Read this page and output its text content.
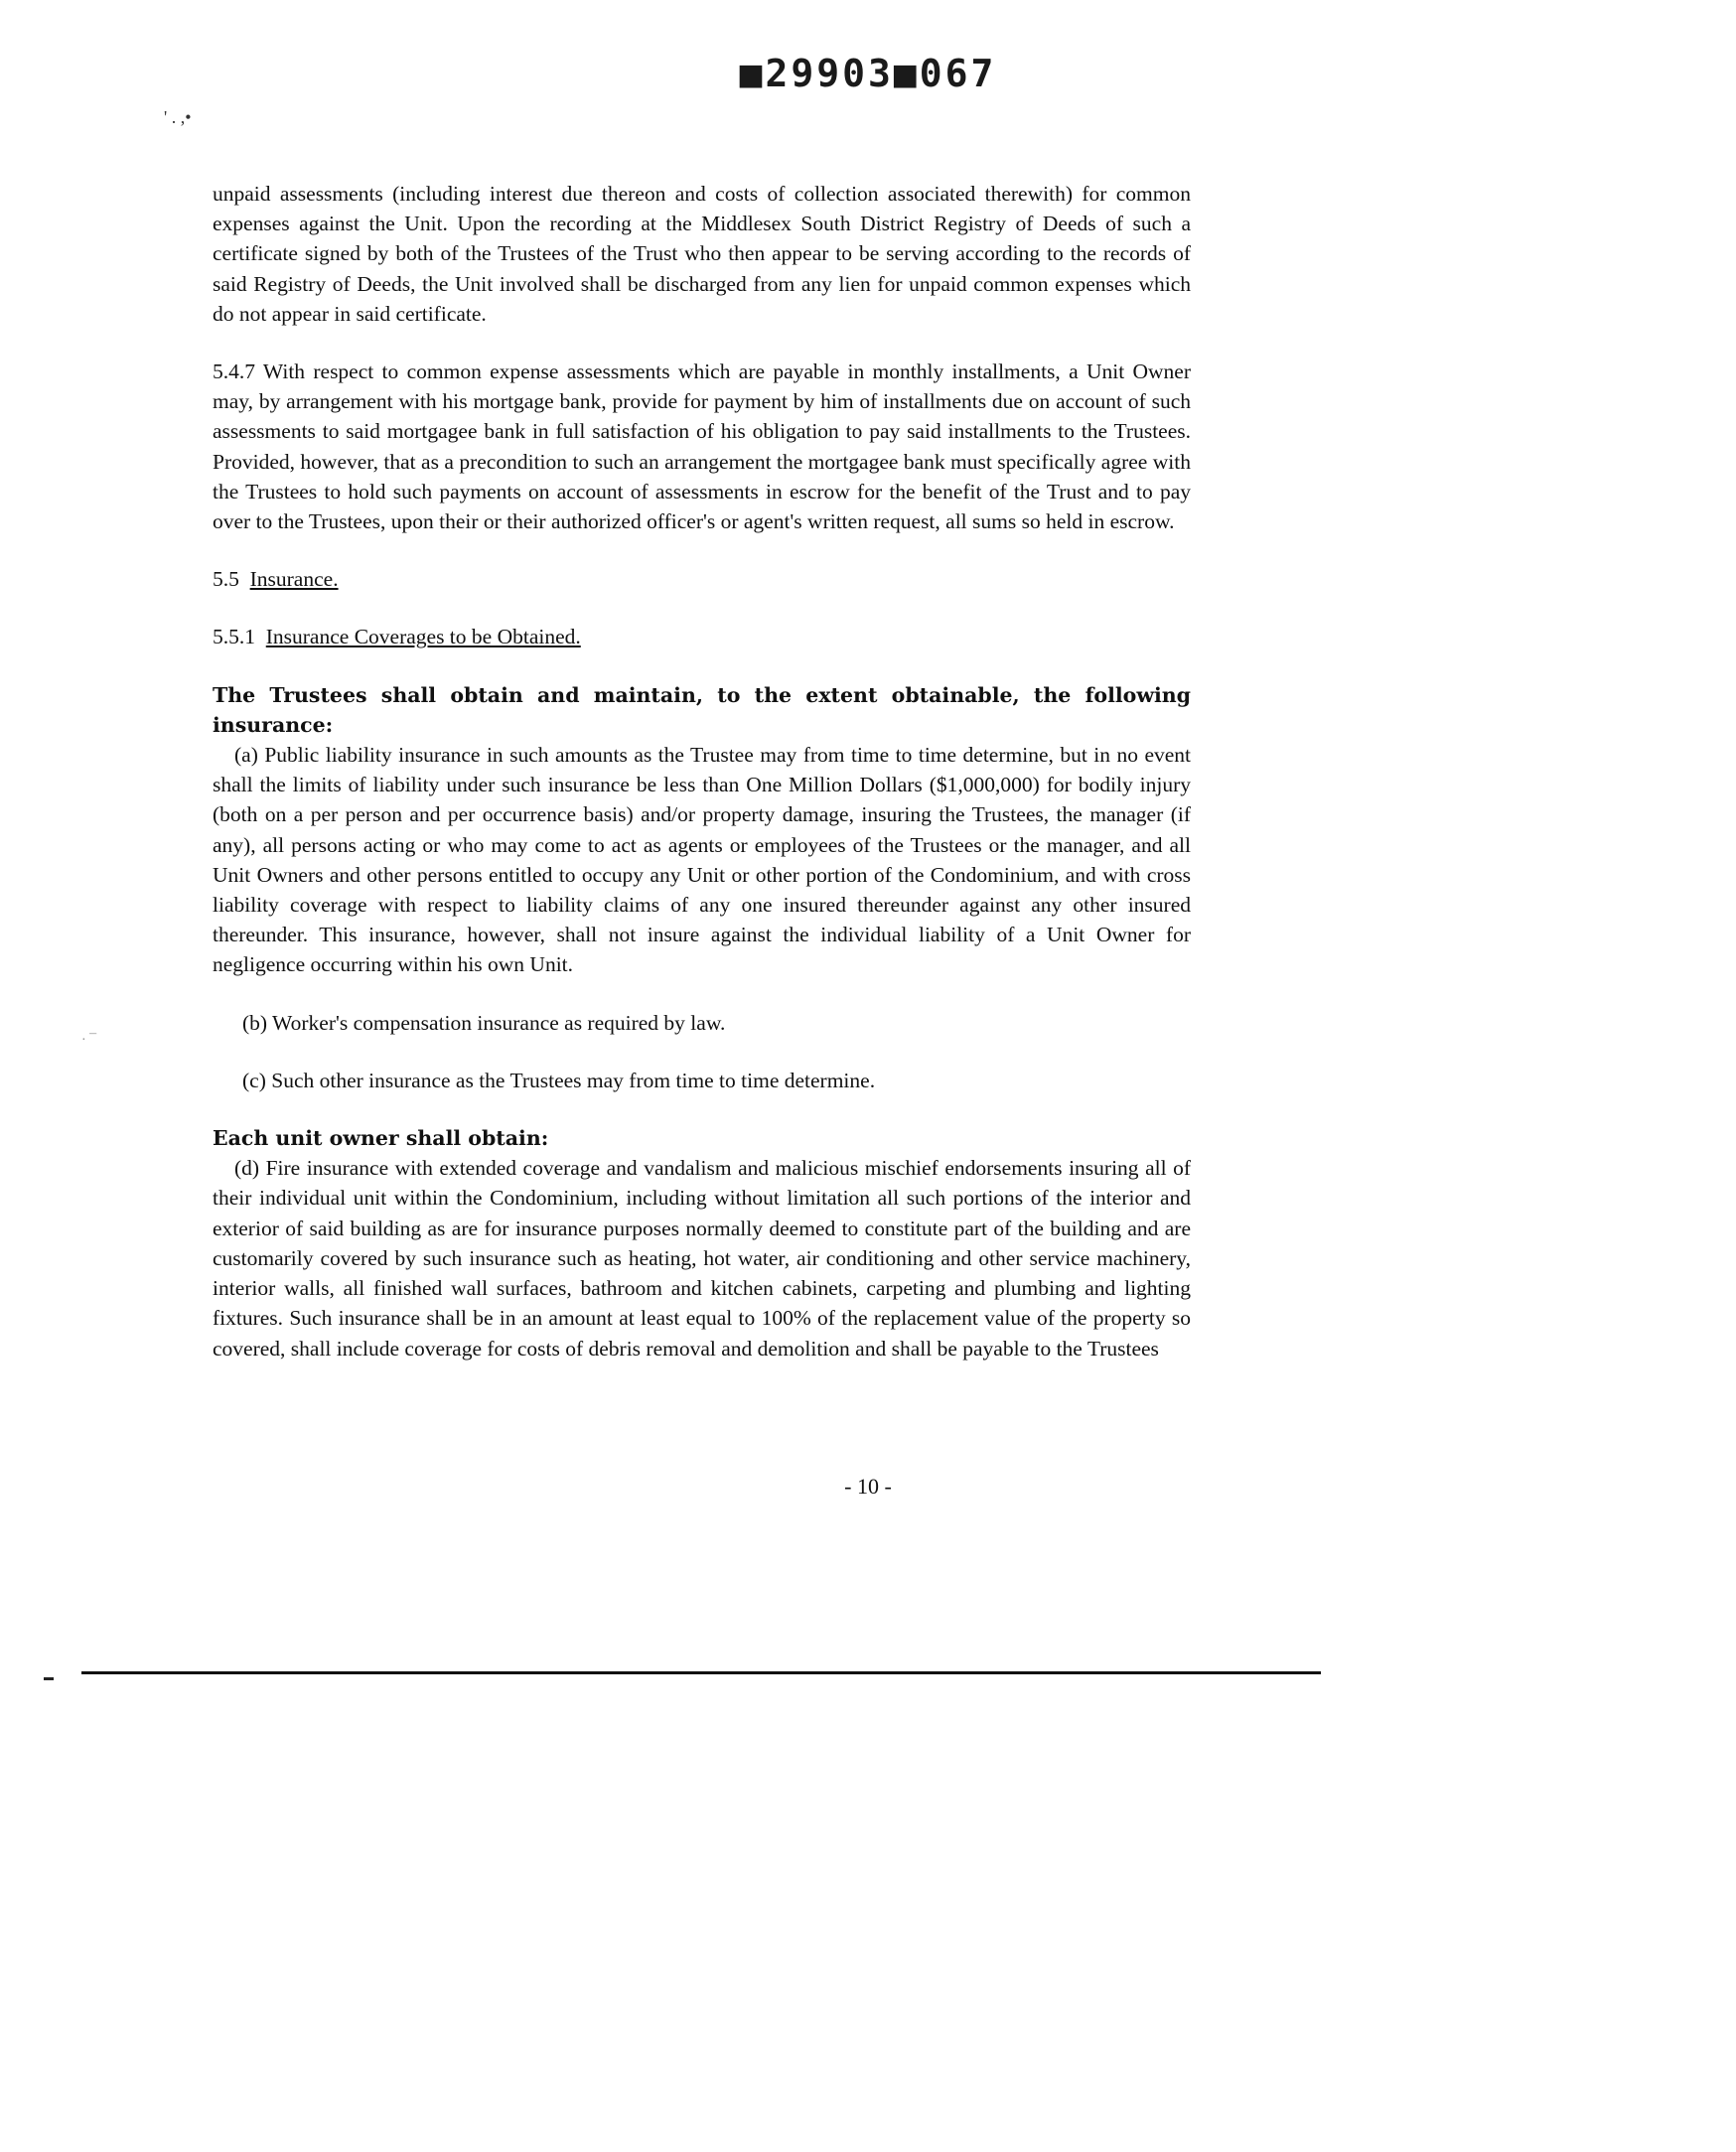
■29903■067
' . ,•
· ¯

unpaid assessments (including interest due thereon and costs of collection associated therewith) for common expenses against the Unit. Upon the recording at the Middlesex South District Registry of Deeds of such a certificate signed by both of the Trustees of the Trust who then appear to be serving according to the records of said Registry of Deeds, the Unit involved shall be discharged from any lien for unpaid common expenses which do not appear in said certificate.

5.4.7 With respect to common expense assessments which are payable in monthly installments, a Unit Owner may, by arrangement with his mortgage bank, provide for payment by him of installments due on account of such assessments to said mortgagee bank in full satisfaction of his obligation to pay said installments to the Trustees. Provided, however, that as a precondition to such an arrangement the mortgagee bank must specifically agree with the Trustees to hold such payments on account of assessments in escrow for the benefit of the Trust and to pay over to the Trustees, upon their or their authorized officer's or agent's written request, all sums so held in escrow.

5.5 Insurance.

5.5.1 Insurance Coverages to be Obtained.

The Trustees shall obtain and maintain, to the extent obtainable, the following insurance:

(a) Public liability insurance in such amounts as the Trustee may from time to time determine, but in no event shall the limits of liability under such insurance be less than One Million Dollars ($1,000,000) for bodily injury (both on a per person and per occurrence basis) and/or property damage, insuring the Trustees, the manager (if any), all persons acting or who may come to act as agents or employees of the Trustees or the manager, and all Unit Owners and other persons entitled to occupy any Unit or other portion of the Condominium, and with cross liability coverage with respect to liability claims of any one insured thereunder against any other insured thereunder. This insurance, however, shall not insure against the individual liability of a Unit Owner for negligence occurring within his own Unit.

(b) Worker's compensation insurance as required by law.

(c) Such other insurance as the Trustees may from time to time determine.

Each unit owner shall obtain:

(d) Fire insurance with extended coverage and vandalism and malicious mischief endorsements insuring all of their individual unit within the Condominium, including without limitation all such portions of the interior and exterior of said building as are for insurance purposes normally deemed to constitute part of the building and are customarily covered by such insurance such as heating, hot water, air conditioning and other service machinery, interior walls, all finished wall surfaces, bathroom and kitchen cabinets, carpeting and plumbing and lighting fixtures. Such insurance shall be in an amount at least equal to 100% of the replacement value of the property so covered, shall include coverage for costs of debris removal and demolition and shall be payable to the Trustees

- 10 -
